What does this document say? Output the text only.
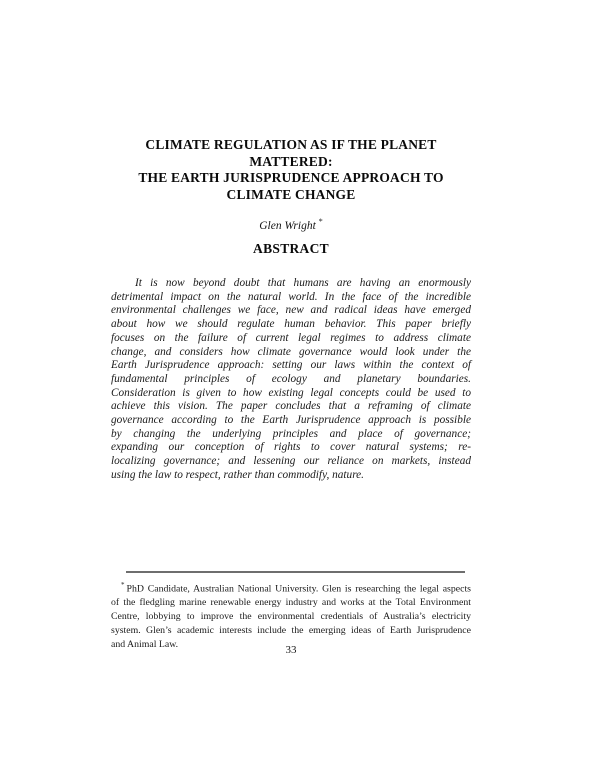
CLIMATE REGULATION AS IF THE PLANET
MATTERED:
THE EARTH JURISPRUDENCE APPROACH TO
CLIMATE CHANGE
Glen Wright *
ABSTRACT
It is now beyond doubt that humans are having an enormously
detrimental impact on the natural world. In the face of the incredible
environmental challenges we face, new and radical ideas have emerged
about how we should regulate human behavior. This paper briefly
focuses on the failure of current legal regimes to address climate
change, and considers how climate governance would look under the
Earth Jurisprudence approach: setting our laws within the context of
fundamental principles of ecology and planetary boundaries.
Consideration is given to how existing legal concepts could be used to
achieve this vision. The paper concludes that a reframing of climate
governance according to the Earth Jurisprudence approach is possible
by changing the underlying principles and place of governance;
expanding our conception of rights to cover natural systems; re-
localizing governance; and lessening our reliance on markets, instead
using the law to respect, rather than commodify, nature.
* PhD Candidate, Australian National University. Glen is researching the legal aspects
of the fledgling marine renewable energy industry and works at the Total Environment
Centre, lobbying to improve the environmental credentials of Australia’s electricity
system. Glen’s academic interests include the emerging ideas of Earth Jurisprudence
and Animal Law.	33
